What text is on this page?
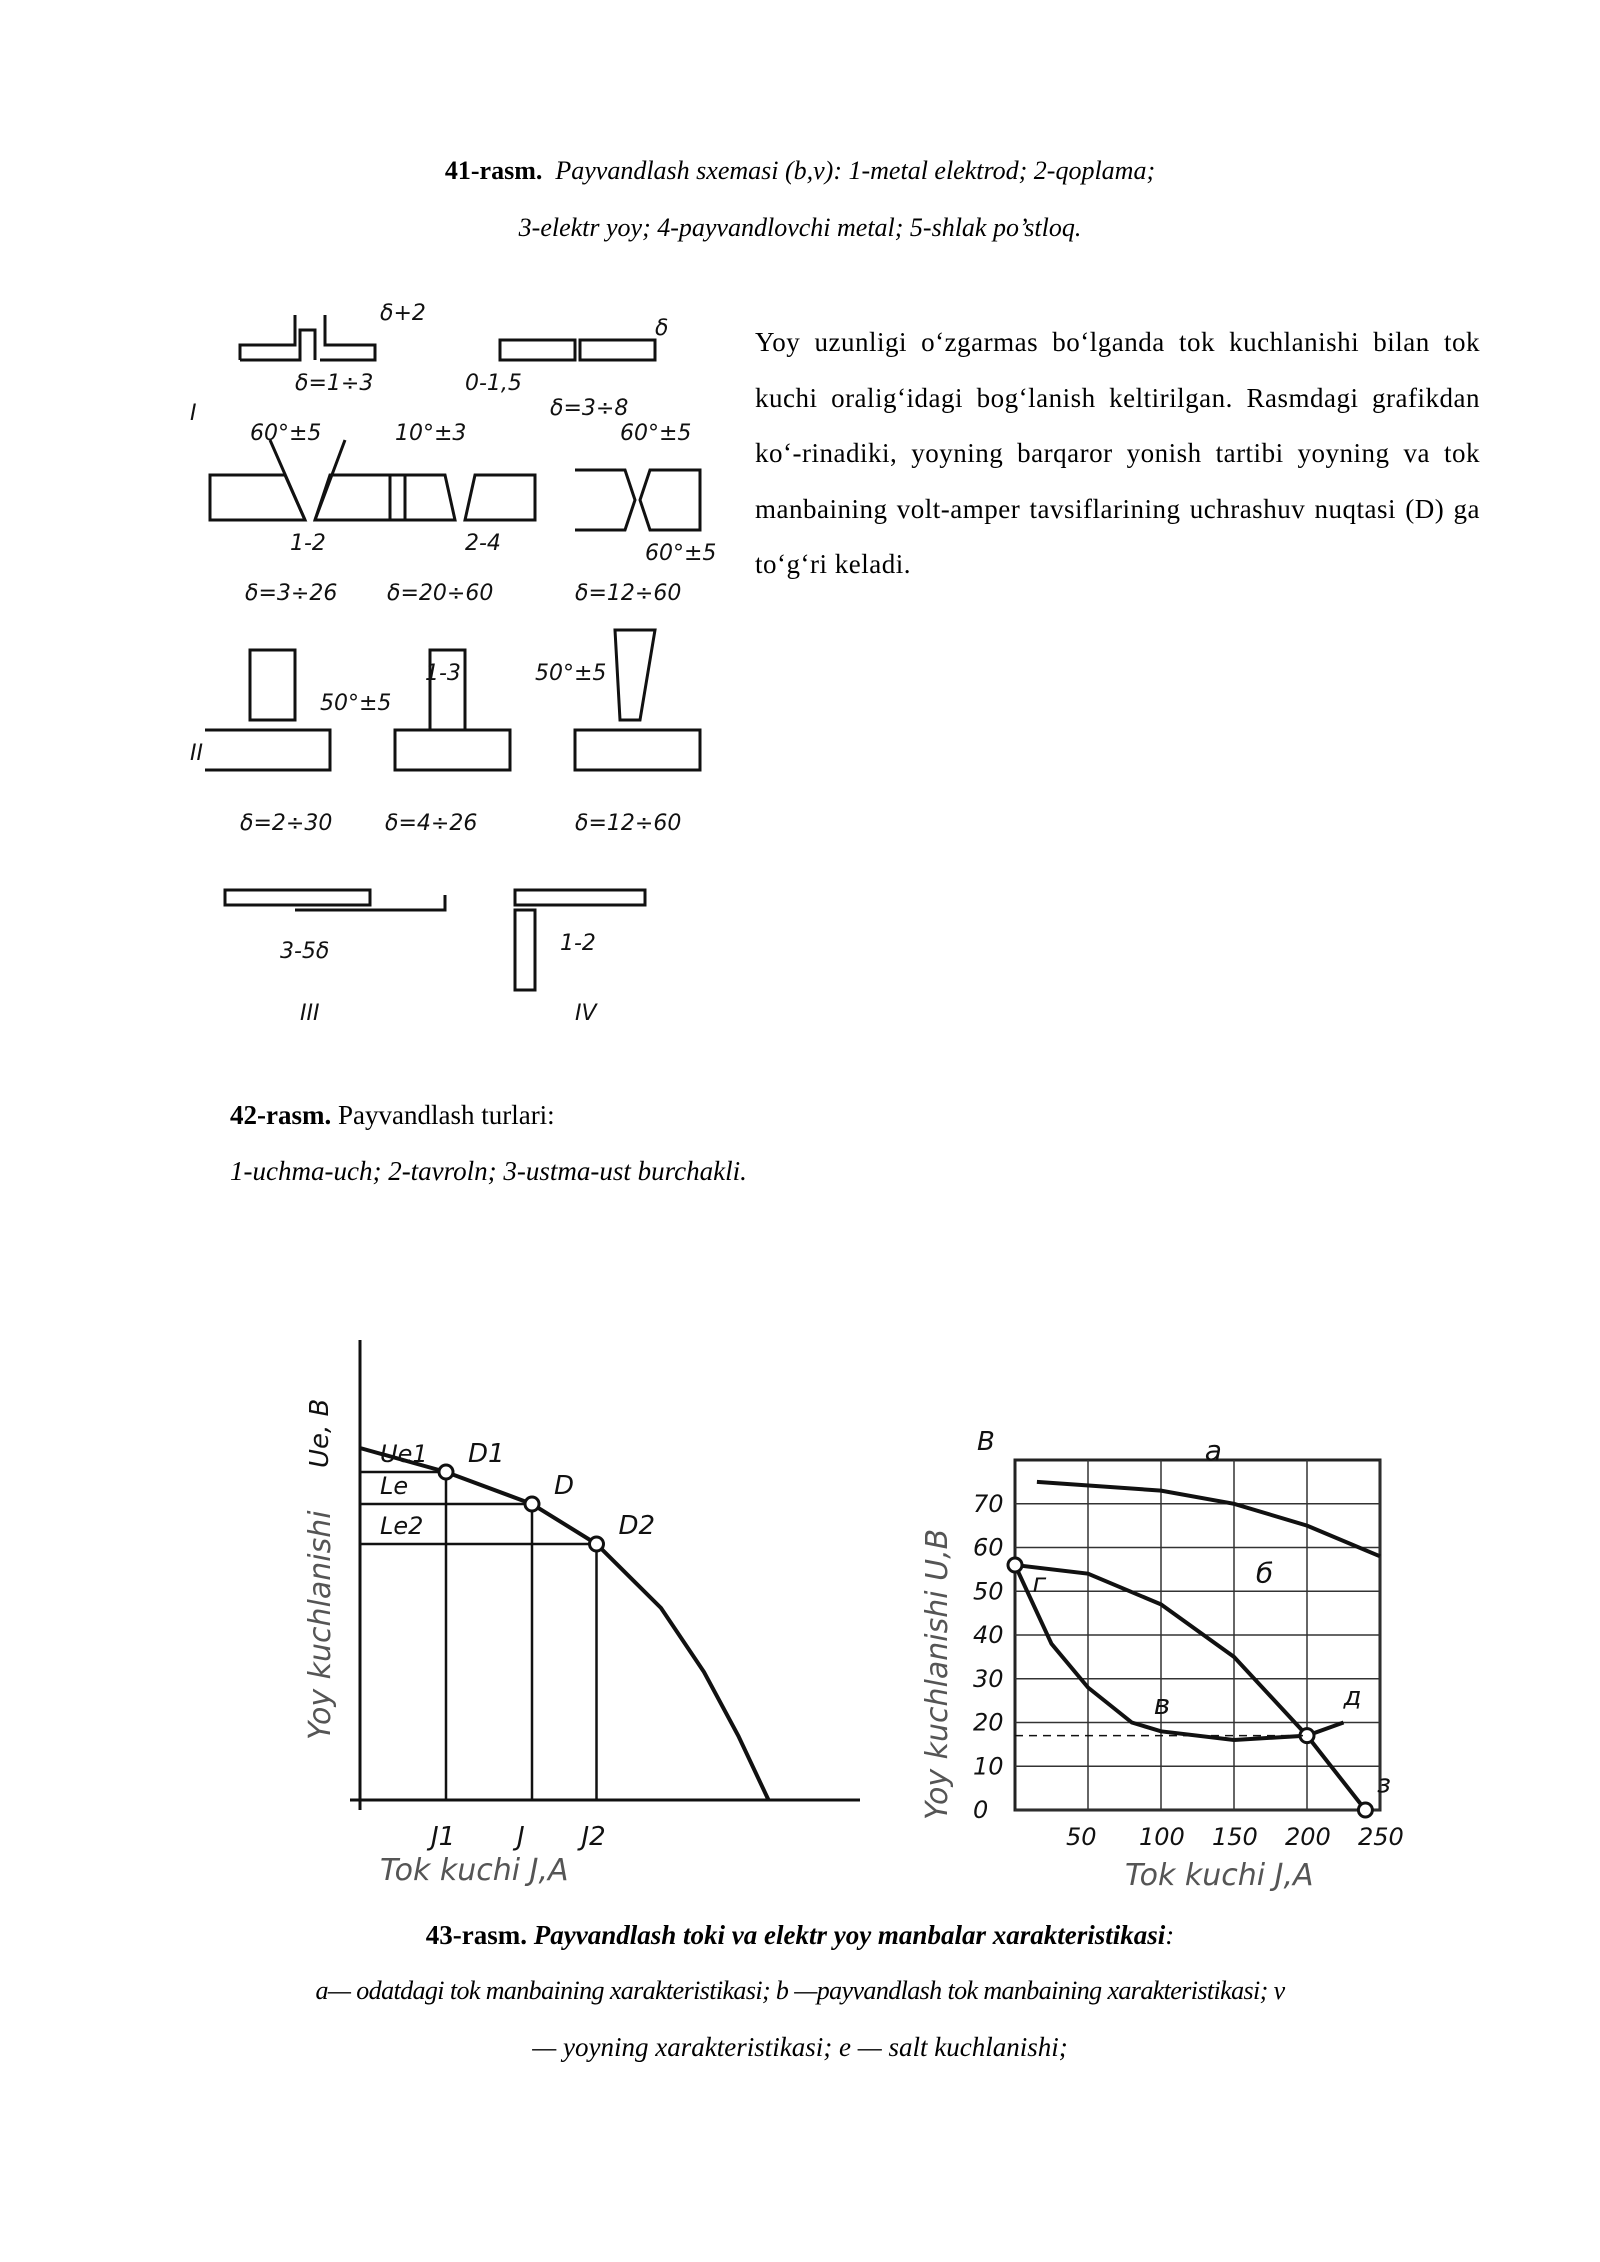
41-rasm. Payvandlash sxemasi (b,v): 1-metal elektrod; 2-qoplama;
3-elektr yoy; 4-payvandlovchi metal; 5-shlak po’stloq.
Yoy uzunligi o‘zgarmas bo‘lganda tok kuchlanishi bilan tok kuchi oralig‘idagi bog‘lanish keltirilgan. Rasmdagi grafikdan ko‘-rinadiki, yoyning barqaror yonish tartibi yoyning va tok manbaining volt-amper tavsiflarining uchrashuv nuqtasi (D) ga to‘g‘ri keladi.
I
δ=1÷3	0-1,5
δ=3÷8
δ+2
δ
60°±5	10°±3	60°±5
60°±5
1-2	2-4
δ=3÷26 δ=20÷60	δ=12÷60
II
50°±5
50°±5
1-3
δ=2÷30 δ=4÷26	δ=12÷60
3-5δ	1-2
III	IV
42-rasm. Payvandlash turlari:
1-uchma-uch; 2-tavroln; 3-ustma-ust burchakli.
D1
Ue1
J1
D
Le
J
D2
Le2
J2
Ue, B
Yoy kuchlanishi
Tok kuchi J,A
50 100 150 200 250
0
10
20
30
40
50
60
70
B	a
б
в
г
д
з
Yoy kuchlanishi U,B
Tok kuchi J,A
43-rasm. Payvandlash toki va elektr yoy manbalar xarakteristikasi:
a— odatdagi tok manbaining xarakteristikasi; b —payvandlash tok manbaining xarakteristikasi; v
— yoyning xarakteristikasi; e — salt kuchlanishi;
